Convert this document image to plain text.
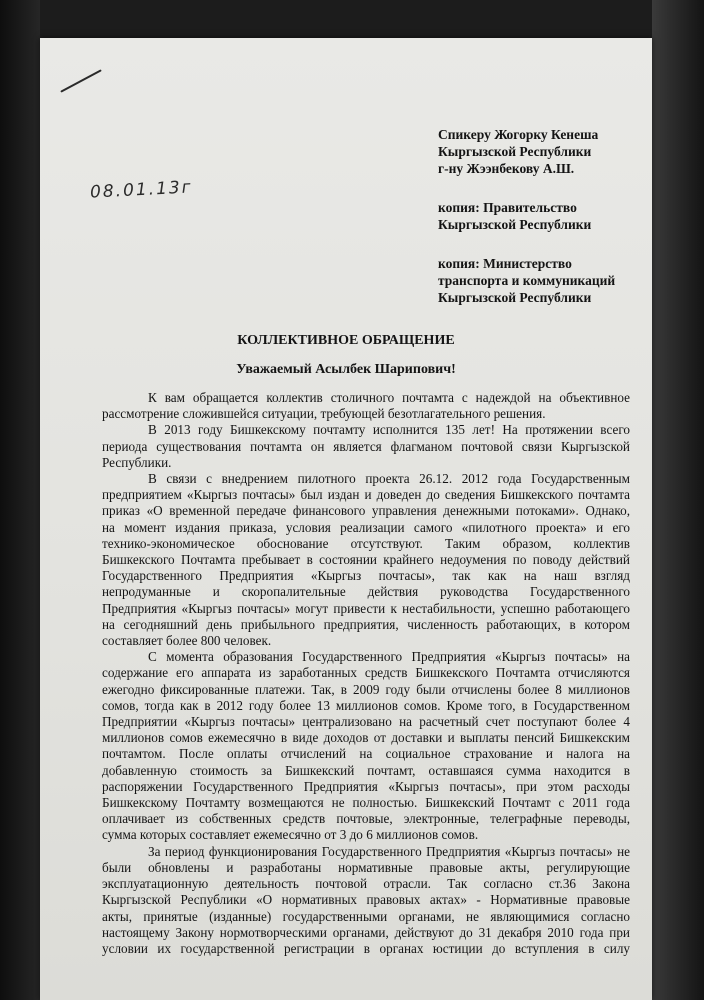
08.01.13г
Спикеру Жогорку Кенеша
Кыргызской Республики
г-ну Жээнбекову А.Ш.
копия: Правительство
Кыргызской Республики
копия: Министерство
транспорта и коммуникаций
Кыргызской Республики
КОЛЛЕКТИВНОЕ ОБРАЩЕНИЕ
Уважаемый Асылбек Шарипович!
К вам обращается коллектив столичного почтамта с надеждой на объективное
рассмотрение сложившейся ситуации, требующей безотлагательного решения.
В 2013 году Бишкекскому почтамту исполнится 135 лет! На протяжении всего
периода существования почтамта он является флагманом почтовой связи Кыргызской
Республики.
В связи с внедрением пилотного проекта 26.12. 2012 года Государственным
предприятием «Кыргыз почтасы» был издан и доведен до сведения Бишкекского почтамта
приказ «О временной передаче финансового управления денежными потоками». Однако,
на момент издания приказа, условия реализации самого «пилотного проекта» и его
технико-экономическое обоснование отсутствуют. Таким образом, коллектив
Бишкекского Почтамта пребывает в состоянии крайнего недоумения по поводу действий
Государственного Предприятия «Кыргыз почтасы», так как на наш взгляд
непродуманные и скоропалительные действия руководства Государственного
Предприятия «Кыргыз почтасы» могут привести к нестабильности, успешно работающего
на сегодняшний день прибыльного предприятия, численность работающих, в котором
составляет более 800 человек.
С момента образования Государственного Предприятия «Кыргыз почтасы» на
содержание его аппарата из заработанных средств Бишкекского Почтамта отчисляются
ежегодно фиксированные платежи. Так, в 2009 году были отчислены более 8 миллионов
сомов, тогда как в 2012 году более 13 миллионов сомов. Кроме того, в Государственном
Предприятии «Кыргыз почтасы» централизовано на расчетный счет поступают более 4
миллионов сомов ежемесячно в виде доходов от доставки и выплаты пенсий Бишкекским
почтамтом. После оплаты отчислений на социальное страхование и налога на
добавленную стоимость за Бишкекский почтамт, оставшаяся сумма находится в
распоряжении Государственного Предприятия «Кыргыз почтасы», при этом расходы
Бишкекскому Почтамту возмещаются не полностью. Бишкекский Почтамт с 2011 года
оплачивает из собственных средств почтовые, электронные, телеграфные переводы,
сумма которых составляет ежемесячно от 3 до 6 миллионов сомов.
За период функционирования Государственного Предприятия «Кыргыз почтасы» не
были обновлены и разработаны нормативные правовые акты, регулирующие
эксплуатационную деятельность почтовой отрасли. Так согласно ст.36 Закона
Кыргызской Республики «О нормативных правовых актах» - Нормативные правовые
акты, принятые (изданные) государственными органами, не являющимися согласно
настоящему Закону нормотворческими органами, действуют до 31 декабря 2010 года при
условии их государственной регистрации в органах юстиции до вступления в силу
